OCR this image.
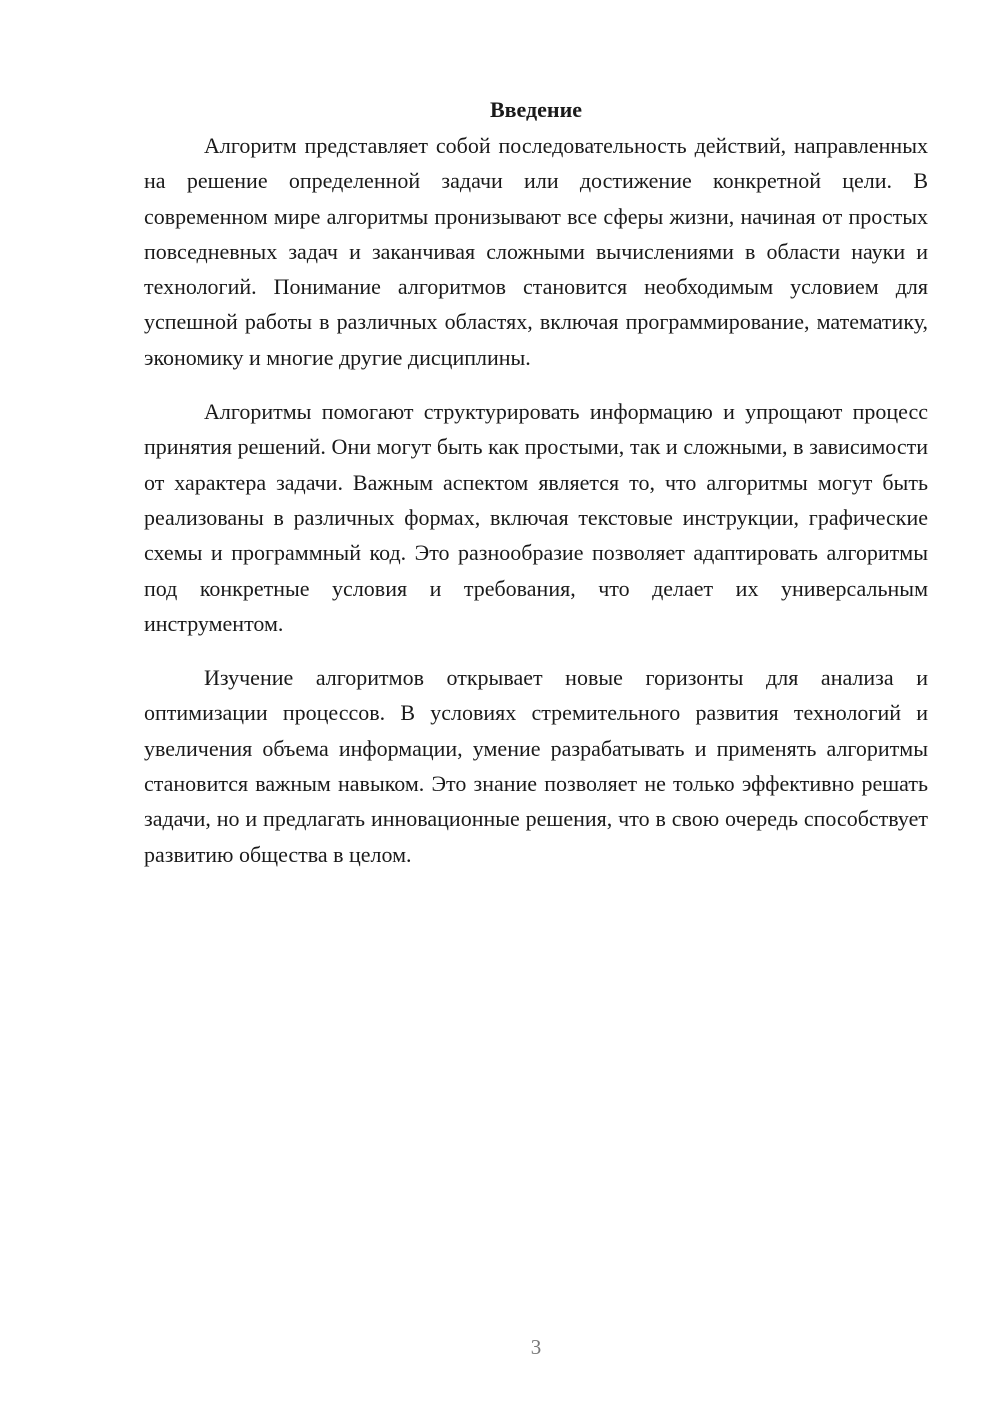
Введение

Алгоритм представляет собой последовательность действий, направленных на решение определенной задачи или достижение конкретной цели. В современном мире алгоритмы пронизывают все сферы жизни, начиная от простых повседневных задач и заканчивая сложными вычислениями в области науки и технологий. Понимание алгоритмов становится необходимым условием для успешной работы в различных областях, включая программирование, математику, экономику и многие другие дисциплины.

Алгоритмы помогают структурировать информацию и упрощают процесс принятия решений. Они могут быть как простыми, так и сложными, в зависимости от характера задачи. Важным аспектом является то, что алгоритмы могут быть реализованы в различных формах, включая текстовые инструкции, графические схемы и программный код. Это разнообразие позволяет адаптировать алгоритмы под конкретные условия и требования, что делает их универсальным инструментом.

Изучение алгоритмов открывает новые горизонты для анализа и оптимизации процессов. В условиях стремительного развития технологий и увеличения объема информации, умение разрабатывать и применять алгоритмы становится важным навыком. Это знание позволяет не только эффективно решать задачи, но и предлагать инновационные решения, что в свою очередь способствует развитию общества в целом.

3
